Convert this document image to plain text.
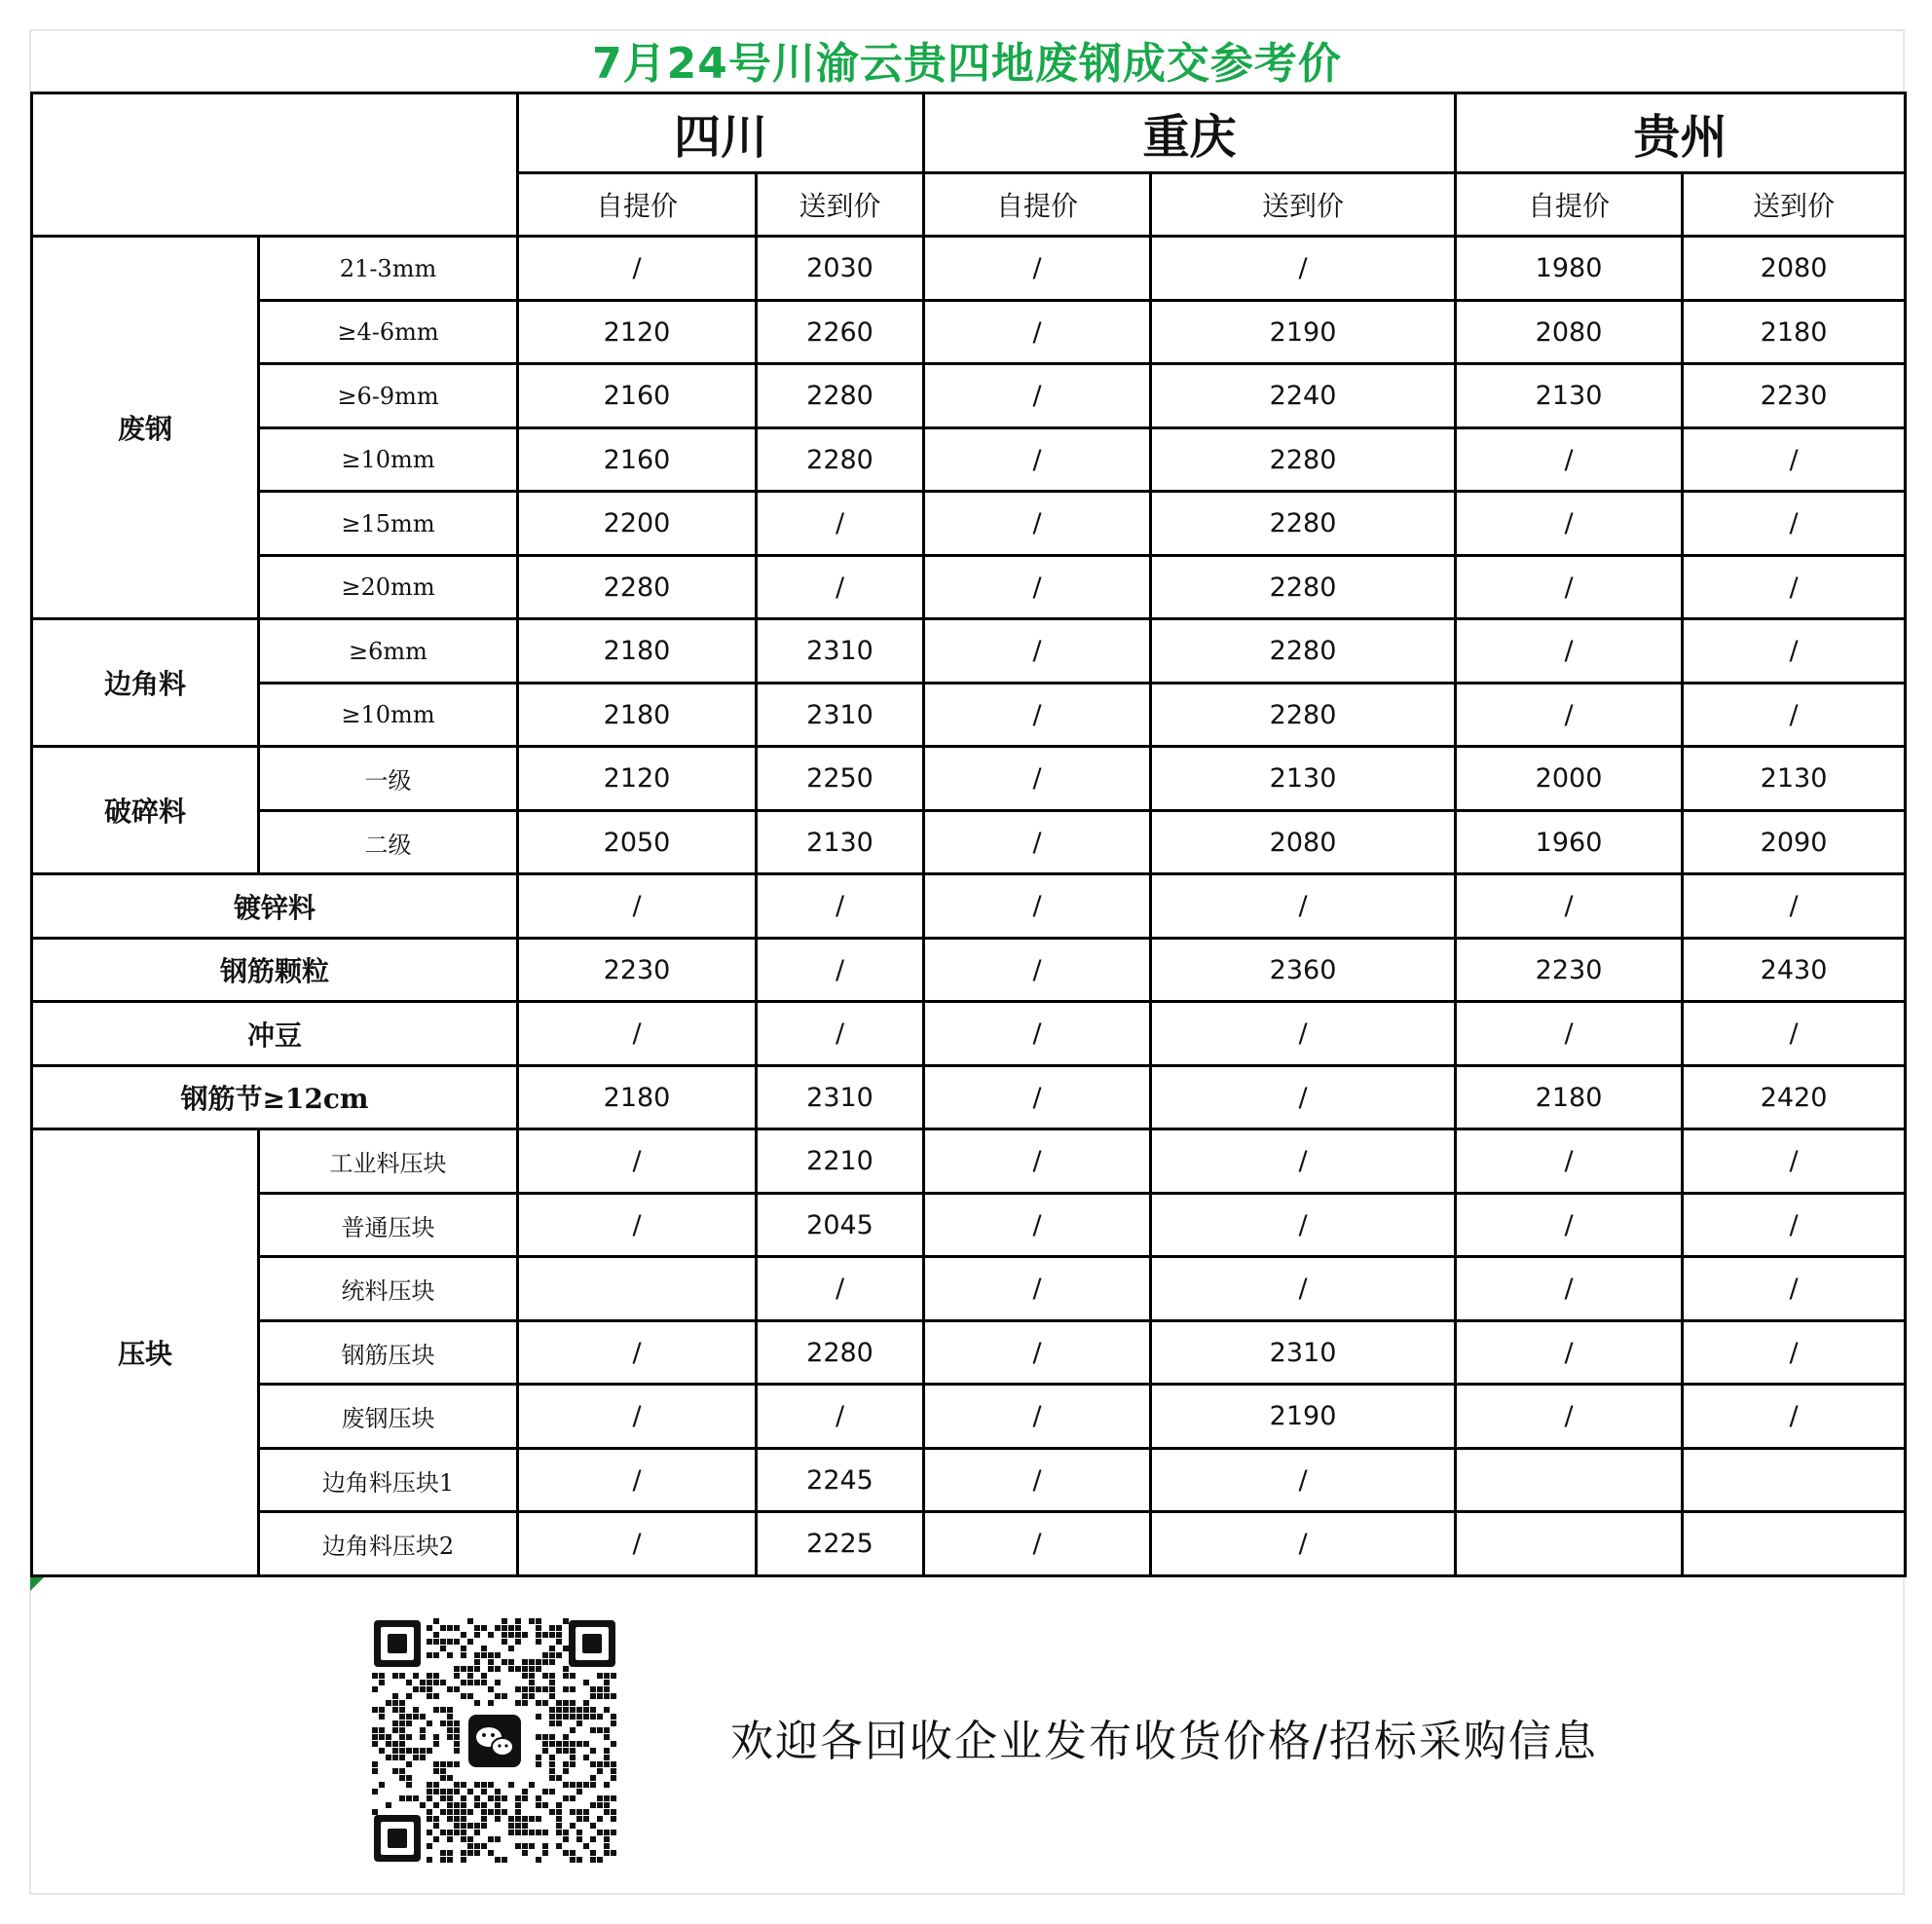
7月24号川渝云贵四地废钢成交参考价
		四川		重庆		贵州	
		自提价	送到价	自提价	送到价	自提价	送到价
废钢	21-3mm	/	2030	/	/	1980	2080
	≥4-6mm	2120	2260	/	2190	2080	2180
	≥6-9mm	2160	2280	/	2240	2130	2230
	≥10mm	2160	2280	/	2280	/	/
	≥15mm	2200	/	/	2280	/	/
	≥20mm	2280	/	/	2280	/	/
边角料	≥6mm	2180	2310	/	2280	/	/
	≥10mm	2180	2310	/	2280	/	/
破碎料	一级	2120	2250	/	2130	2000	2130
	二级	2050	2130	/	2080	1960	2090
镀锌料		/	/	/	/	/	/
钢筋颗粒		2230	/	/	2360	2230	2430
冲豆		/	/	/	/	/	/
钢筋节≥12cm		2180	2310	/	/	2180	2420
压块	工业料压块	/	2210	/	/	/	/
	普通压块	/	2045	/	/	/	/
	统料压块		/	/	/	/	/
	钢筋压块	/	2280	/	2310	/	/
	废钢压块	/	/	/	2190	/	/
	边角料压块1	/	2245	/	/		
	边角料压块2	/	2225	/	/		
欢迎各回收企业发布收货价格/招标采购信息
